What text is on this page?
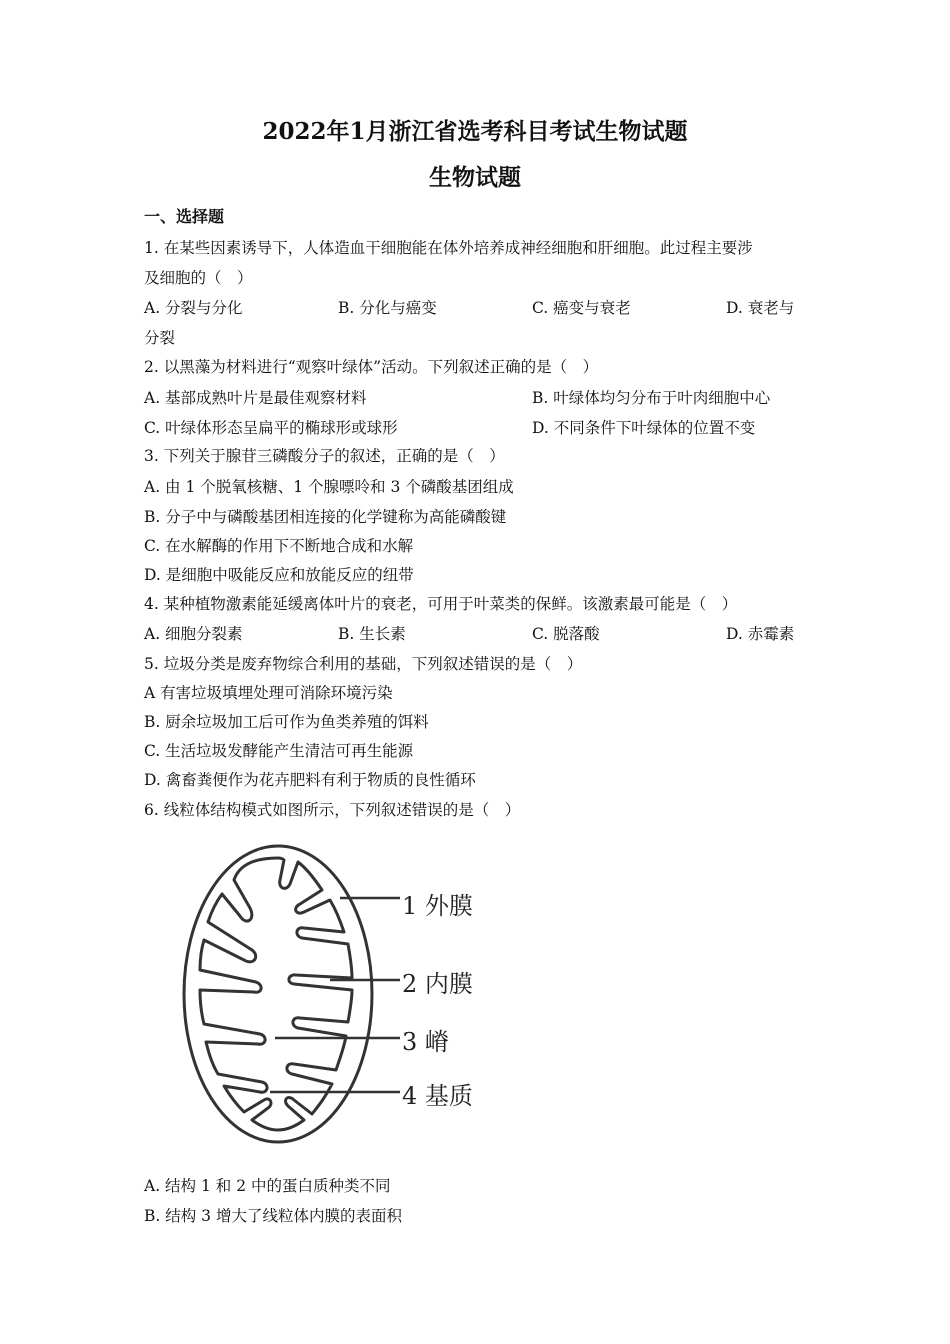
2022年1月浙江省选考科目考试生物试题
生物试题
一、选择题
1. 在某些因素诱导下，人体造血干细胞能在体外培养成神经细胞和肝细胞。此过程主要涉
及细胞的（　）
A. 分裂与分化	B. 分化与癌变	C. 癌变与衰老	D. 衰老与
分裂
2. 以黑藻为材料进行“观察叶绿体”活动。下列叙述正确的是（　）
A. 基部成熟叶片是最佳观察材料	B. 叶绿体均匀分布于叶肉细胞中心
C. 叶绿体形态呈扁平的椭球形或球形	D. 不同条件下叶绿体的位置不变
3. 下列关于腺苷三磷酸分子的叙述，正确的是（　）
A. 由 1 个脱氧核糖、1 个腺嘌呤和 3 个磷酸基团组成
B. 分子中与磷酸基团相连接的化学键称为高能磷酸键
C. 在水解酶的作用下不断地合成和水解
D. 是细胞中吸能反应和放能反应的纽带
4. 某种植物激素能延缓离体叶片的衰老，可用于叶菜类的保鲜。该激素最可能是（　）
A. 细胞分裂素	B. 生长素	C. 脱落酸	D. 赤霉素
5. 垃圾分类是废弃物综合利用的基础，下列叙述错误的是（　）
A 有害垃圾填埋处理可消除环境污染
B. 厨余垃圾加工后可作为鱼类养殖的饵料
C. 生活垃圾发酵能产生清洁可再生能源
D. 禽畜粪便作为花卉肥料有利于物质的良性循环
6. 线粒体结构模式如图所示，下列叙述错误的是（　）
1 外膜
2 内膜
3 嵴
4 基质
A. 结构 1 和 2 中的蛋白质种类不同
B. 结构 3 增大了线粒体内膜的表面积
